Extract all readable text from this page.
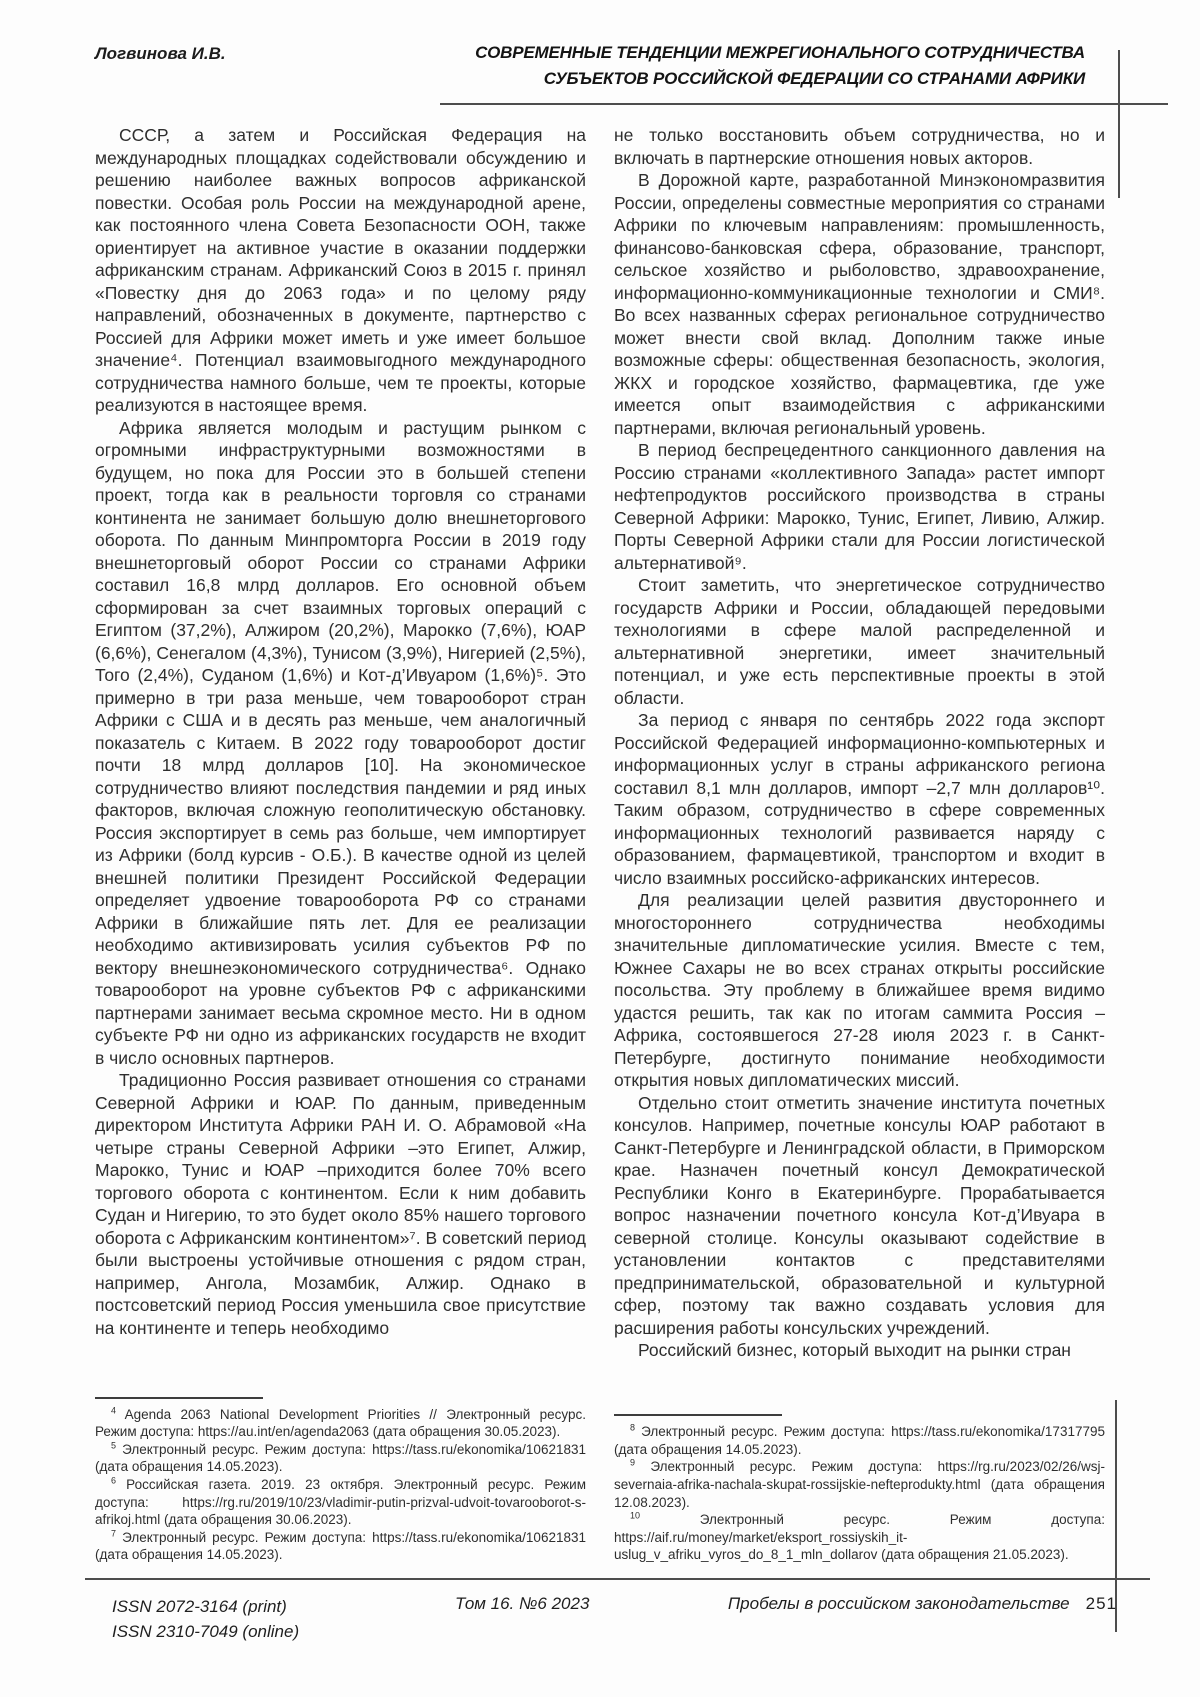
Логвинова И.В.	СОВРЕМЕННЫЕ ТЕНДЕНЦИИ МЕЖРЕГИОНАЛЬНОГО СОТРУДНИЧЕСТВА
СУБЪЕКТОВ РОССИЙСКОЙ ФЕДЕРАЦИИ СО СТРАНАМИ АФРИКИ

СССР, а затем и Российская Федерация на международных площадках содействовали обсуждению и решению наиболее важных вопросов африканской повестки. Особая роль России на международной арене, как постоянного члена Совета Безопасности ООН, также ориентирует на активное участие в оказании поддержки африканским странам. Африканский Союз в 2015 г. принял «Повестку дня до 2063 года» и по целому ряду направлений, обозначенных в документе, партнерство с Россией для Африки может иметь и уже имеет большое значение⁴. Потенциал взаимовыгодного международного сотрудничества намного больше, чем те проекты, которые реализуются в настоящее время.

Африка является молодым и растущим рынком с огромными инфраструктурными возможностями в будущем, но пока для России это в большей степени проект, тогда как в реальности торговля со странами континента не занимает большую долю внешнеторгового оборота. По данным Минпромторга России в 2019 году внешнеторговый оборот России со странами Африки составил 16,8 млрд долларов. Его основной объем сформирован за счет взаимных торговых операций с Египтом (37,2%), Алжиром (20,2%), Марокко (7,6%), ЮАР (6,6%), Сенегалом (4,3%), Тунисом (3,9%), Нигерией (2,5%), Того (2,4%), Суданом (1,6%) и Кот-д’Ивуаром (1,6%)⁵. Это примерно в три раза меньше, чем товарооборот стран Африки с США и в десять раз меньше, чем аналогичный показатель с Китаем. В 2022 году товарооборот достиг почти 18 млрд долларов [10]. На экономическое сотрудничество влияют последствия пандемии и ряд иных факторов, включая сложную геополитическую обстановку. Россия экспортирует в семь раз больше, чем импортирует из Африки (болд курсив - О.Б.). В качестве одной из целей внешней политики Президент Российской Федерации определяет удвоение товарооборота РФ со странами Африки в ближайшие пять лет. Для ее реализации необходимо активизировать усилия субъектов РФ по вектору внешнеэкономического сотрудничества⁶. Однако товарооборот на уровне субъектов РФ с африканскими партнерами занимает весьма скромное место. Ни в одном субъекте РФ ни одно из африканских государств не входит в число основных партнеров.

Традиционно Россия развивает отношения со странами Северной Африки и ЮАР. По данным, приведенным директором Института Африки РАН И. О. Абрамовой «На четыре страны Северной Африки –это Египет, Алжир, Марокко, Тунис и ЮАР –приходится более 70% всего торгового оборота с континентом. Если к ним добавить Судан и Нигерию, то это будет около 85% нашего торгового оборота с Африканским континентом»⁷. В советский период были выстроены устойчивые отношения с рядом стран, например, Ангола, Мозамбик, Алжир. Однако в постсоветский период Россия уменьшила свое присутствие на континенте и теперь необходимо

$^4$ Agenda 2063 National Development Priorities // Электронный ресурс. Режим доступа: https://au.int/en/agenda2063 (дата обращения 30.05.2023).
$^5$ Электронный ресурс. Режим доступа: https://tass.ru/ekonomika/10621831 (дата обращения 14.05.2023).
$^6$ Российская газета. 2019. 23 октября. Электронный ресурс. Режим доступа: https://rg.ru/2019/10/23/vladimir-putin-prizval-udvoit-tovarooborot-s-afrikoj.html (дата обращения 30.06.2023).
$^7$ Электронный ресурс. Режим доступа: https://tass.ru/ekonomika/10621831 (дата обращения 14.05.2023).

не только восстановить объем сотрудничества, но и включать в партнерские отношения новых акторов.

В Дорожной карте, разработанной Минэкономразвития России, определены совместные мероприятия со странами Африки по ключевым направлениям: промышленность, финансово-банковская сфера, образование, транспорт, сельское хозяйство и рыболовство, здравоохранение, информационно-коммуникационные технологии и СМИ⁸. Во всех названных сферах региональное сотрудничество может внести свой вклад. Дополним также иные возможные сферы: общественная безопасность, экология, ЖКХ и городское хозяйство, фармацевтика, где уже имеется опыт взаимодействия с африканскими партнерами, включая региональный уровень.

В период беспрецедентного санкционного давления на Россию странами «коллективного Запада» растет импорт нефтепродуктов российского производства в страны Северной Африки: Марокко, Тунис, Египет, Ливию, Алжир. Порты Северной Африки стали для России логистической альтернативой⁹.

Стоит заметить, что энергетическое сотрудничество государств Африки и России, обладающей передовыми технологиями в сфере малой распределенной и альтернативной энергетики, имеет значительный потенциал, и уже есть перспективные проекты в этой области.

За период с января по сентябрь 2022 года экспорт Российской Федерацией информационно-компьютерных и информационных услуг в страны африканского региона составил 8,1 млн долларов, импорт –2,7 млн долларов¹⁰. Таким образом, сотрудничество в сфере современных информационных технологий развивается наряду с образованием, фармацевтикой, транспортом и входит в число взаимных российско-африканских интересов.

Для реализации целей развития двустороннего и многостороннего сотрудничества необходимы значительные дипломатические усилия. Вместе с тем, Южнее Сахары не во всех странах открыты российские посольства. Эту проблему в ближайшее время видимо удастся решить, так как по итогам саммита Россия –Африка, состоявшегося 27-28 июля 2023 г. в Санкт-Петербурге, достигнуто понимание необходимости открытия новых дипломатических миссий.

Отдельно стоит отметить значение института почетных консулов. Например, почетные консулы ЮАР работают в Санкт-Петербурге и Ленинградской области, в Приморском крае. Назначен почетный консул Демократической Республики Конго в Екатеринбурге. Прорабатывается вопрос назначении почетного консула Кот-д’Ивуара в северной столице. Консулы оказывают содействие в установлении контактов с представителями предпринимательской, образовательной и культурной сфер, поэтому так важно создавать условия для расширения работы консульских учреждений.

Российский бизнес, который выходит на рынки стран

$^8$ Электронный ресурс. Режим доступа: https://tass.ru/ekonomika/17317795 (дата обращения 14.05.2023).
$^9$ Электронный ресурс. Режим доступа: https://rg.ru/2023/02/26/wsj-severnaia-afrika-nachala-skupat-rossijskie-nefteprodukty.html (дата обращения 12.08.2023).
$^{10}$ Электронный ресурс. Режим доступа: https://aif.ru/money/market/eksport_rossiyskih_it-uslug_v_afriku_vyros_do_8_1_mln_dollarov (дата обращения 21.05.2023).
ISSN 2072-3164 (print)
ISSN 2310-7049 (online)
Том 16. №6 2023	Пробелы в российском законодательстве 251
